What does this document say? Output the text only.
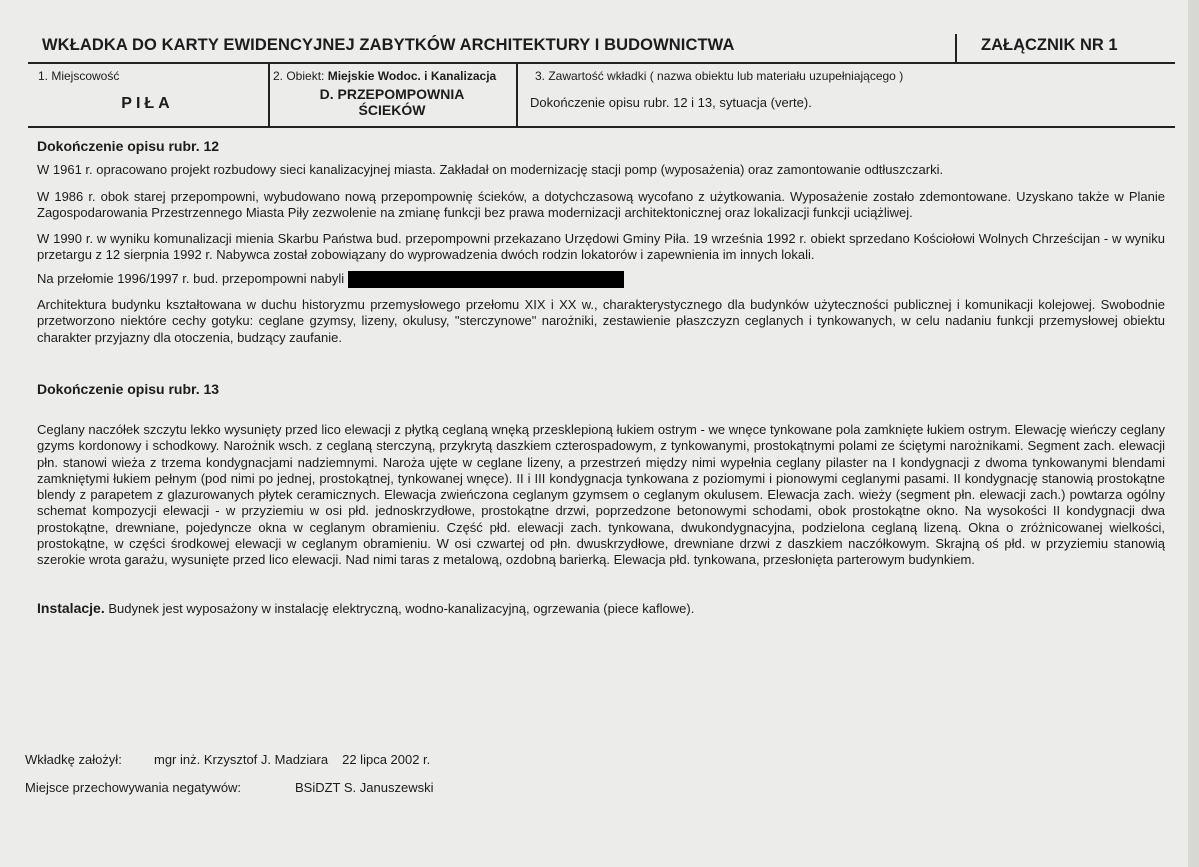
WKŁADKA DO KARTY EWIDENCYJNEJ ZABYTKÓW ARCHITEKTURY I BUDOWNICTWA	ZAŁĄCZNIK NR 1
1. Miejscowość
PIŁA
2. Obiekt: Miejskie Wodoc. i Kanalizacja
D. PRZEPOMPOWNIA
ŚCIEKÓW
3. Zawartość wkładki ( nazwa obiektu lub materiału uzupełniającego )
Dokończenie opisu rubr. 12 i 13, sytuacja (verte).
Dokończenie opisu rubr. 12
W 1961 r. opracowano projekt rozbudowy sieci kanalizacyjnej miasta. Zakładał on modernizację stacji pomp (wyposażenia) oraz zamontowanie odtłuszczarki.
W 1986 r. obok starej przepompowni, wybudowano nową przepompownię ścieków, a dotychczasową wycofano z użytkowania. Wyposażenie zostało zdemontowane. Uzyskano także w Planie Zagospodarowania Przestrzennego Miasta Piły zezwolenie na zmianę funkcji bez prawa modernizacji architektonicznej oraz lokalizacji funkcji uciążliwej.
W 1990 r. w wyniku komunalizacji mienia Skarbu Państwa bud. przepompowni przekazano Urzędowi Gminy Piła. 19 września 1992 r. obiekt sprzedano Kościołowi Wolnych Chrześcijan - w wyniku przetargu z 12 sierpnia 1992 r. Nabywca został zobowiązany do wyprowadzenia dwóch rodzin lokatorów i zapewnienia im innych lokali.
Na przełomie 1996/1997 r. bud. przepompowni nabyli
Architektura budynku kształtowana w duchu historyzmu przemysłowego przełomu XIX i XX w., charakterystycznego dla budynków użyteczności publicznej i komunikacji kolejowej. Swobodnie przetworzono niektóre cechy gotyku: ceglane gzymsy, lizeny, okulusy, "sterczynowe" narożniki, zestawienie płaszczyzn ceglanych i tynkowanych, w celu nadaniu funkcji przemysłowej obiektu charakter przyjazny dla otoczenia, budzący zaufanie.
Dokończenie opisu rubr. 13
Ceglany naczółek szczytu lekko wysunięty przed lico elewacji z płytką ceglaną wnęką przesklepioną łukiem ostrym - we wnęce tynkowane pola zamknięte łukiem ostrym. Elewację wieńczy ceglany gzyms kordonowy i schodkowy. Narożnik wsch. z ceglaną sterczyną, przykrytą daszkiem czterospadowym, z tynkowanymi, prostokątnymi polami ze ściętymi narożnikami. Segment zach. elewacji płn. stanowi wieża z trzema kondygnacjami nadziemnymi. Naroża ujęte w ceglane lizeny, a przestrzeń między nimi wypełnia ceglany pilaster na I kondygnacji z dwoma tynkowanymi blendami zamkniętymi łukiem pełnym (pod nimi po jednej, prostokątnej, tynkowanej wnęce). II i III kondygnacja tynkowana z poziomymi i pionowymi ceglanymi pasami. II kondygnację stanowią prostokątne blendy z parapetem z glazurowanych płytek ceramicznych. Elewacja zwieńczona ceglanym gzymsem o ceglanym okulusem. Elewacja zach. wieży (segment płn. elewacji zach.) powtarza ogólny schemat kompozycji elewacji - w przyziemiu w osi płd. jednoskrzydłowe, prostokątne drzwi, poprzedzone betonowymi schodami, obok prostokątne okno. Na wysokości II kondygnacji dwa prostokątne, drewniane, pojedyncze okna w ceglanym obramieniu. Część płd. elewacji zach. tynkowana, dwukondygnacyjna, podzielona ceglaną lizeną. Okna o zróżnicowanej wielkości, prostokątne, w części środkowej elewacji w ceglanym obramieniu. W osi czwartej od płn. dwuskrzydłowe, drewniane drzwi z daszkiem naczółkowym. Skrajną oś płd. w przyziemiu stanowią szerokie wrota garażu, wysunięte przed lico elewacji. Nad nimi taras z metalową, ozdobną barierką. Elewacja płd. tynkowana, przesłonięta parterowym budynkiem.
Instalacje. Budynek jest wyposażony w instalację elektryczną, wodno-kanalizacyjną, ogrzewania (piece kaflowe).
Wkładkę założył: mgr inż. Krzysztof J. Madziara 22 lipca 2002 r.
Miejsce przechowywania negatywów:	BSiDZT S. Januszewski
